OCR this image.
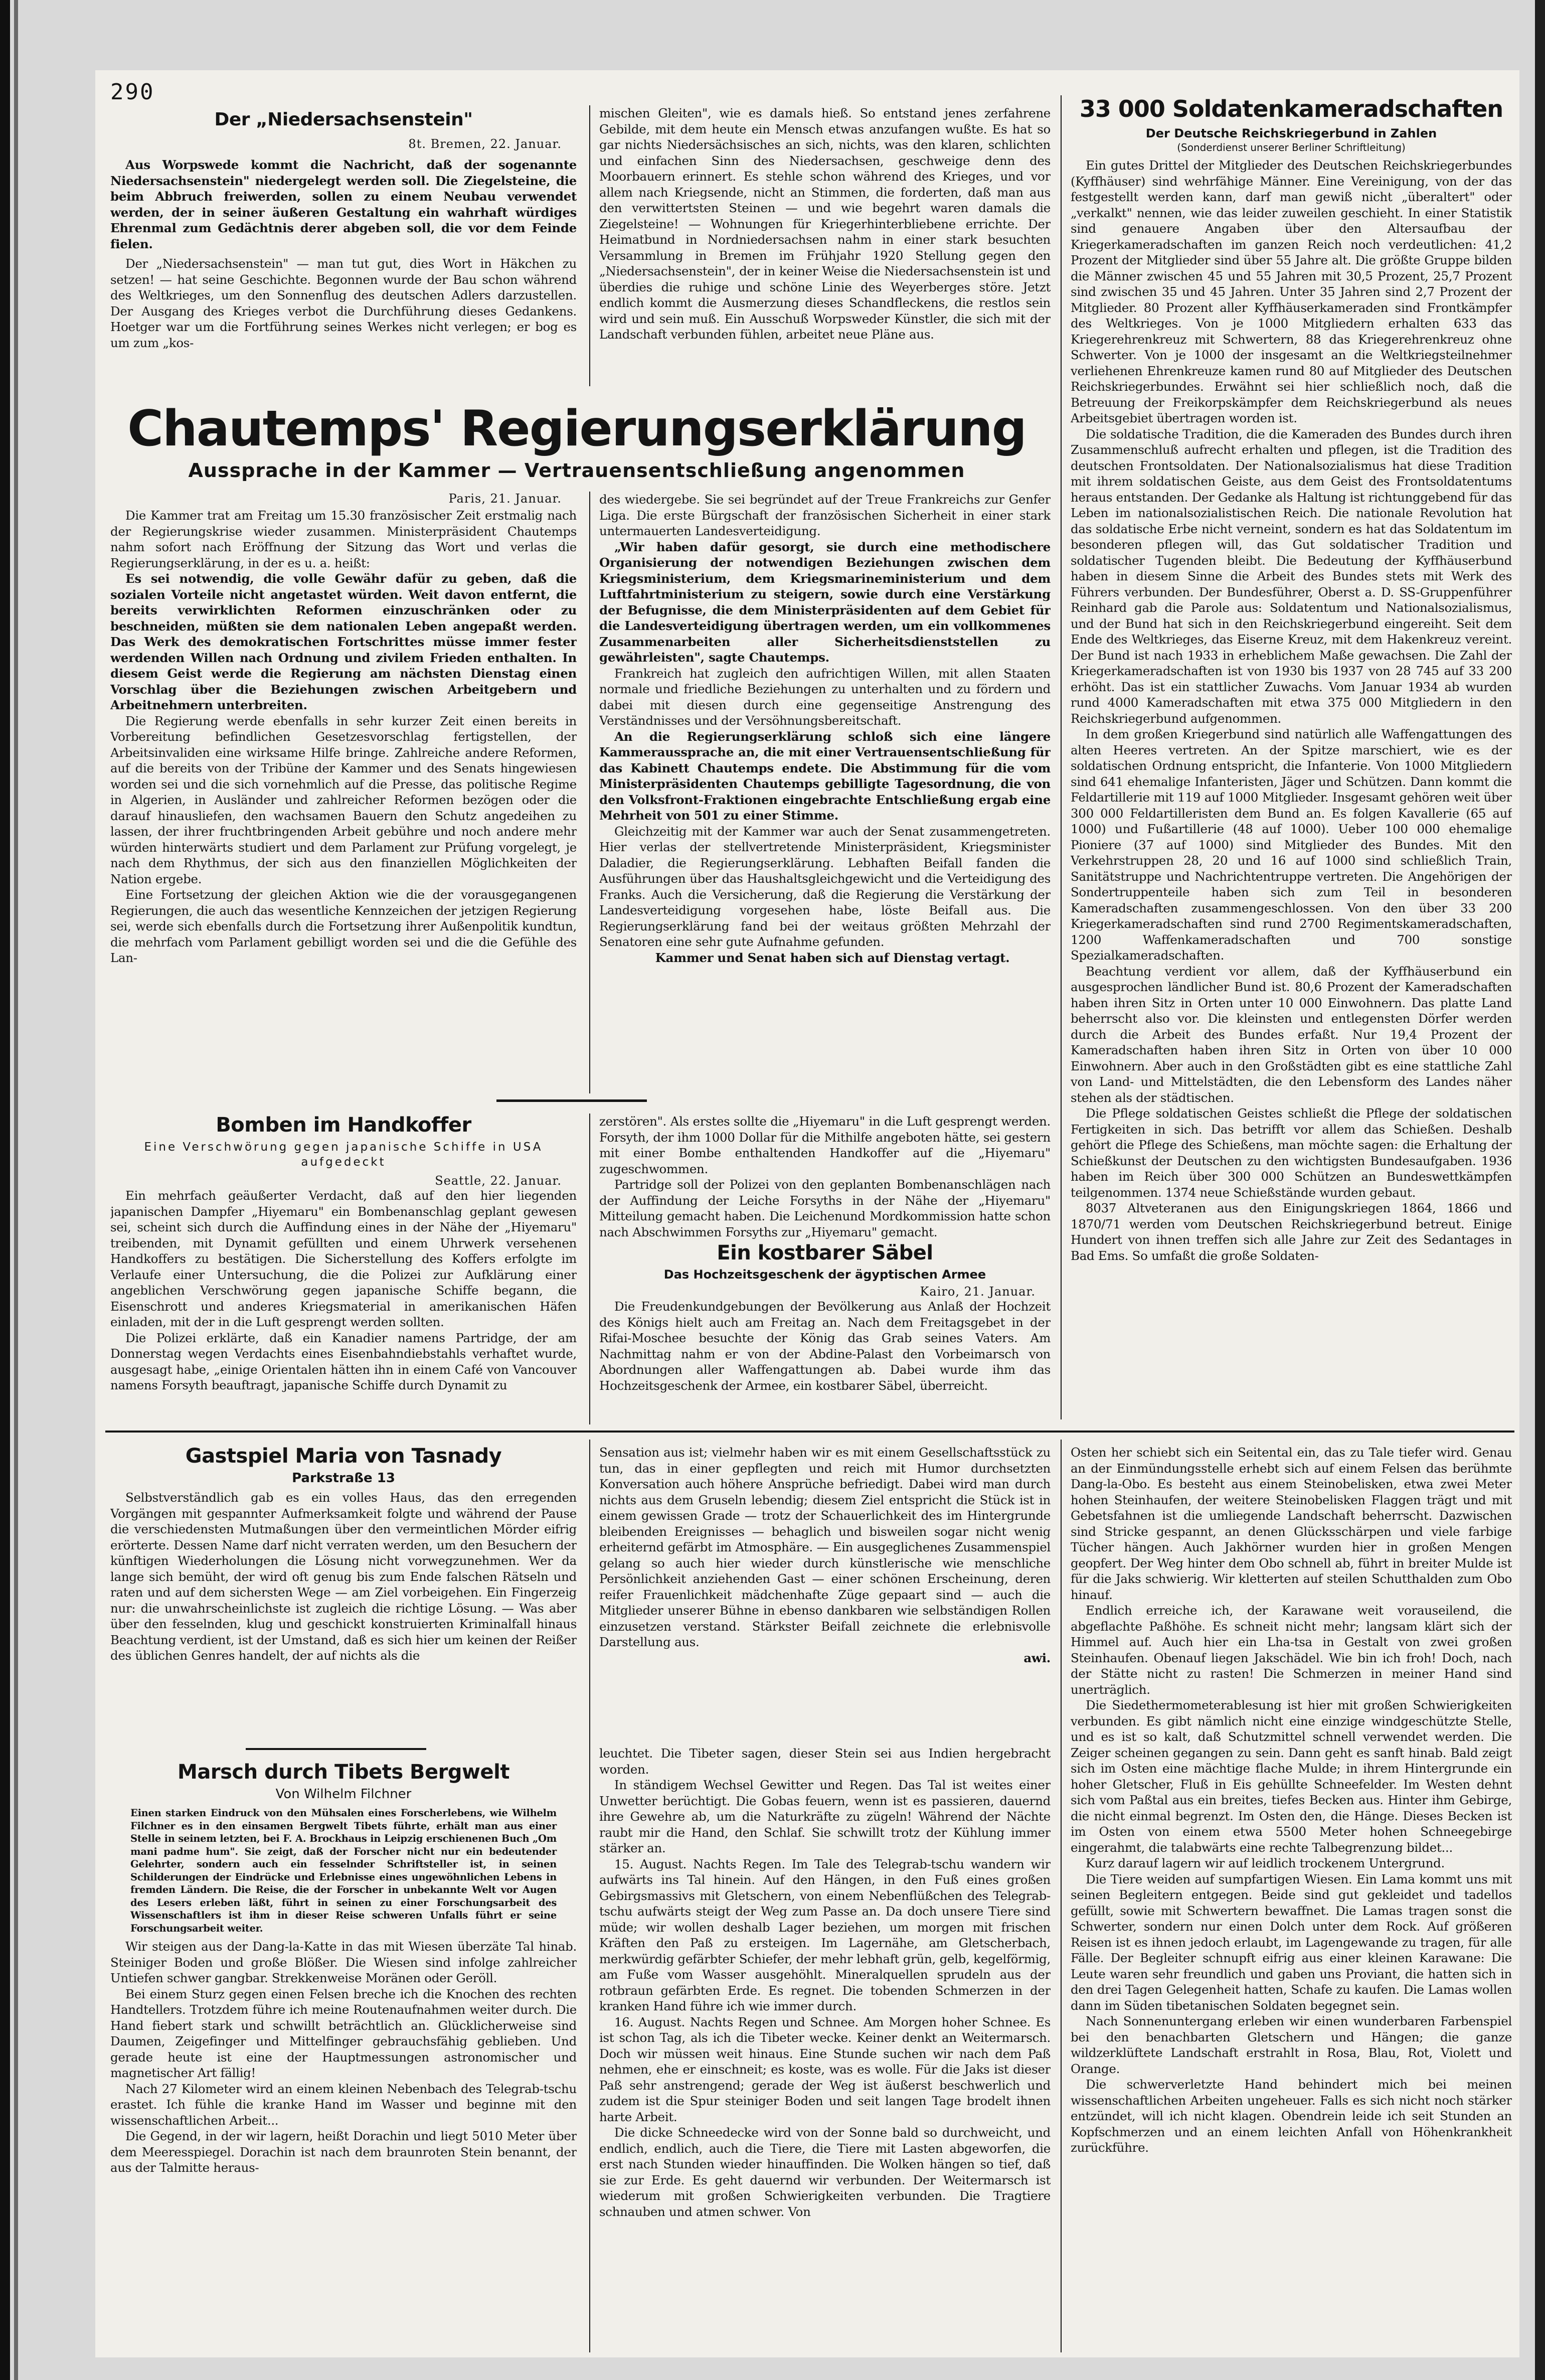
290
Der „Niedersachsenstein"

8t. Bremen, 22. Januar.

Aus Worpswede kommt die Nachricht, daß der sogenannte Niedersachsenstein" niedergelegt werden soll. Die Ziegelsteine, die beim Abbruch freiwerden, sollen zu einem Neubau verwendet werden, der in seiner äußeren Gestaltung ein wahrhaft würdiges Ehrenmal zum Gedächtnis derer abgeben soll, die vor dem Feinde fielen.

Der „Niedersachsenstein" — man tut gut, dies Wort in Häkchen zu setzen! — hat seine Geschichte. Begonnen wurde der Bau schon während des Weltkrieges, um den Sonnenflug des deutschen Adlers darzustellen. Der Ausgang des Krieges verbot die Durchführung dieses Gedankens. Hoetger war um die Fortführung seines Werkes nicht verlegen; er bog es um zum „kos-

mischen Gleiten", wie es damals hieß. So entstand jenes zerfahrene Gebilde, mit dem heute ein Mensch etwas anzufangen wußte. Es hat so gar nichts Niedersächsisches an sich, nichts, was den klaren, schlichten und einfachen Sinn des Niedersachsen, geschweige denn des Moorbauern erinnert. Es stehle schon während des Krieges, und vor allem nach Kriegsende, nicht an Stimmen, die forderten, daß man aus den verwittertsten Steinen — und wie begehrt waren damals die Ziegelsteine! — Wohnungen für Kriegerhinterbliebene errichte. Der Heimatbund in Nordniedersachsen nahm in einer stark besuchten Versammlung in Bremen im Frühjahr 1920 Stellung gegen den „Niedersachsenstein", der in keiner Weise die Niedersachsenstein ist und überdies die ruhige und schöne Linie des Weyerberges störe. Jetzt endlich kommt die Ausmerzung dieses Schandfleckens, die restlos sein wird und sein muß. Ein Ausschuß Worpsweder Künstler, die sich mit der Landschaft verbunden fühlen, arbeitet neue Pläne aus.

Chautemps' Regierungserklärung

Aussprache in der Kammer — Vertrauensentschließung angenommen

Paris, 21. Januar.

Die Kammer trat am Freitag um 15.30 französischer Zeit erstmalig nach der Regierungskrise wieder zusammen. Ministerpräsident Chautemps nahm sofort nach Eröffnung der Sitzung das Wort und verlas die Regierungserklärung, in der es u. a. heißt:

Es sei notwendig, die volle Gewähr dafür zu geben, daß die sozialen Vorteile nicht angetastet würden. Weit davon entfernt, die bereits verwirklichten Reformen einzuschränken oder zu beschneiden, müßten sie dem nationalen Leben angepaßt werden. Das Werk des demokratischen Fortschrittes müsse immer fester werdenden Willen nach Ordnung und zivilem Frieden enthalten. In diesem Geist werde die Regierung am nächsten Dienstag einen Vorschlag über die Beziehungen zwischen Arbeitgebern und Arbeitnehmern unterbreiten.

Die Regierung werde ebenfalls in sehr kurzer Zeit einen bereits in Vorbereitung befindlichen Gesetzesvorschlag fertigstellen, der Arbeitsinvaliden eine wirksame Hilfe bringe. Zahlreiche andere Reformen, auf die bereits von der Tribüne der Kammer und des Senats hingewiesen worden sei und die sich vornehmlich auf die Presse, das politische Regime in Algerien, in Ausländer und zahlreicher Reformen bezögen oder die darauf hinausliefen, den wachsamen Bauern den Schutz angedeihen zu lassen, der ihrer fruchtbringenden Arbeit gebühre und noch andere mehr würden hinterwärts studiert und dem Parlament zur Prüfung vorgelegt, je nach dem Rhythmus, der sich aus den finanziellen Möglichkeiten der Nation ergebe.

Eine Fortsetzung der gleichen Aktion wie die der vorausgegangenen Regierungen, die auch das wesentliche Kennzeichen der jetzigen Regierung sei, werde sich ebenfalls durch die Fortsetzung ihrer Außenpolitik kundtun, die mehrfach vom Parlament gebilligt worden sei und die die Gefühle des Lan-

des wiedergebe. Sie sei begründet auf der Treue Frankreichs zur Genfer Liga. Die erste Bürgschaft der französischen Sicherheit in einer stark untermauerten Landesverteidigung.

„Wir haben dafür gesorgt, sie durch eine methodischere Organisierung der notwendigen Beziehungen zwischen dem Kriegsministerium, dem Kriegsmarineministerium und dem Luftfahrtministerium zu steigern, sowie durch eine Verstärkung der Befugnisse, die dem Ministerpräsidenten auf dem Gebiet für die Landesverteidigung übertragen werden, um ein vollkommenes Zusammenarbeiten aller Sicherheitsdienststellen zu gewährleisten", sagte Chautemps.

Frankreich hat zugleich den aufrichtigen Willen, mit allen Staaten normale und friedliche Beziehungen zu unterhalten und zu fördern und dabei mit diesen durch eine gegenseitige Anstrengung des Verständnisses und der Versöhnungsbereitschaft.

An die Regierungserklärung schloß sich eine längere Kammeraussprache an, die mit einer Vertrauensentschließung für das Kabinett Chautemps endete. Die Abstimmung für die vom Ministerpräsidenten Chautemps gebilligte Tagesordnung, die von den Volksfront-Fraktionen eingebrachte Entschließung ergab eine Mehrheit von 501 zu einer Stimme.

Gleichzeitig mit der Kammer war auch der Senat zusammengetreten. Hier verlas der stellvertretende Ministerpräsident, Kriegsminister Daladier, die Regierungserklärung. Lebhaften Beifall fanden die Ausführungen über das Haushaltsgleichgewicht und die Verteidigung des Franks. Auch die Versicherung, daß die Regierung die Verstärkung der Landesverteidigung vorgesehen habe, löste Beifall aus. Die Regierungserklärung fand bei der weitaus größten Mehrzahl der Senatoren eine sehr gute Aufnahme gefunden.

Kammer und Senat haben sich auf Dienstag vertagt.

Bomben im Handkoffer

Eine Verschwörung gegen japanische Schiffe in USA aufgedeckt

Seattle, 22. Januar.

Ein mehrfach geäußerter Verdacht, daß auf den hier liegenden japanischen Dampfer „Hiyemaru" ein Bombenanschlag geplant gewesen sei, scheint sich durch die Auffindung eines in der Nähe der „Hiyemaru" treibenden, mit Dynamit gefüllten und einem Uhrwerk versehenen Handkoffers zu bestätigen. Die Sicherstellung des Koffers erfolgte im Verlaufe einer Untersuchung, die die Polizei zur Aufklärung einer angeblichen Verschwörung gegen japanische Schiffe begann, die Eisenschrott und anderes Kriegsmaterial in amerikanischen Häfen einladen, mit der in die Luft gesprengt werden sollten.

Die Polizei erklärte, daß ein Kanadier namens Partridge, der am Donnerstag wegen Verdachts eines Eisenbahndiebstahls verhaftet wurde, ausgesagt habe, „einige Orientalen hätten ihn in einem Café von Vancouver namens Forsyth beauftragt, japanische Schiffe durch Dynamit zu

zerstören". Als erstes sollte die „Hiyemaru" in die Luft gesprengt werden. Forsyth, der ihm 1000 Dollar für die Mithilfe angeboten hätte, sei gestern mit einer Bombe enthaltenden Handkoffer auf die „Hiyemaru" zugeschwommen.

Partridge soll der Polizei von den geplanten Bombenanschlägen nach der Auffindung der Leiche Forsyths in der Nähe der „Hiyemaru" Mitteilung gemacht haben. Die Leichenund Mordkommission hatte schon nach Abschwimmen Forsyths zur „Hiyemaru" gemacht.

Ein kostbarer Säbel

Das Hochzeitsgeschenk der ägyptischen Armee

Kairo, 21. Januar.

Die Freudenkundgebungen der Bevölkerung aus Anlaß der Hochzeit des Königs hielt auch am Freitag an. Nach dem Freitagsgebet in der Rifai-Moschee besuchte der König das Grab seines Vaters. Am Nachmittag nahm er von der Abdine-Palast den Vorbeimarsch von Abordnungen aller Waffengattungen ab. Dabei wurde ihm das Hochzeitsgeschenk der Armee, ein kostbarer Säbel, überreicht.

33 000 Soldatenkameradschaften

Der Deutsche Reichskriegerbund in Zahlen

(Sonderdienst unserer Berliner Schriftleitung)

Ein gutes Drittel der Mitglieder des Deutschen Reichskriegerbundes (Kyffhäuser) sind wehrfähige Männer. Eine Vereinigung, von der das festgestellt werden kann, darf man gewiß nicht „überaltert" oder „verkalkt" nennen, wie das leider zuweilen geschieht. In einer Statistik sind genauere Angaben über den Altersaufbau der Kriegerkameradschaften im ganzen Reich noch verdeutlichen: 41,2 Prozent der Mitglieder sind über 55 Jahre alt. Die größte Gruppe bilden die Männer zwischen 45 und 55 Jahren mit 30,5 Prozent, 25,7 Prozent sind zwischen 35 und 45 Jahren. Unter 35 Jahren sind 2,7 Prozent der Mitglieder. 80 Prozent aller Kyffhäuserkameraden sind Frontkämpfer des Weltkrieges. Von je 1000 Mitgliedern erhalten 633 das Kriegerehrenkreuz mit Schwertern, 88 das Kriegerehrenkreuz ohne Schwerter. Von je 1000 der insgesamt an die Weltkriegsteilnehmer verliehenen Ehrenkreuze kamen rund 80 auf Mitglieder des Deutschen Reichskriegerbundes. Erwähnt sei hier schließlich noch, daß die Betreuung der Freikorpskämpfer dem Reichskriegerbund als neues Arbeitsgebiet übertragen worden ist.

Die soldatische Tradition, die die Kameraden des Bundes durch ihren Zusammenschluß aufrecht erhalten und pflegen, ist die Tradition des deutschen Frontsoldaten. Der Nationalsozialismus hat diese Tradition mit ihrem soldatischen Geiste, aus dem Geist des Frontsoldatentums heraus entstanden. Der Gedanke als Haltung ist richtunggebend für das Leben im nationalsozialistischen Reich. Die nationale Revolution hat das soldatische Erbe nicht verneint, sondern es hat das Soldatentum im besonderen pflegen will, das Gut soldatischer Tradition und soldatischer Tugenden bleibt. Die Bedeutung der Kyffhäuserbund haben in diesem Sinne die Arbeit des Bundes stets mit Werk des Führers verbunden. Der Bundesführer, Oberst a. D. SS-Gruppenführer Reinhard gab die Parole aus: Soldatentum und Nationalsozialismus, und der Bund hat sich in den Reichskriegerbund eingereiht. Seit dem Ende des Weltkrieges, das Eiserne Kreuz, mit dem Hakenkreuz vereint. Der Bund ist nach 1933 in erheblichem Maße gewachsen. Die Zahl der Kriegerkameradschaften ist von 1930 bis 1937 von 28 745 auf 33 200 erhöht. Das ist ein stattlicher Zuwachs. Vom Januar 1934 ab wurden rund 4000 Kameradschaften mit etwa 375 000 Mitgliedern in den Reichskriegerbund aufgenommen.

In dem großen Kriegerbund sind natürlich alle Waffengattungen des alten Heeres vertreten. An der Spitze marschiert, wie es der soldatischen Ordnung entspricht, die Infanterie. Von 1000 Mitgliedern sind 641 ehemalige Infanteristen, Jäger und Schützen. Dann kommt die Feldartillerie mit 119 auf 1000 Mitglieder. Insgesamt gehören weit über 300 000 Feldartilleristen dem Bund an. Es folgen Kavallerie (65 auf 1000) und Fußartillerie (48 auf 1000). Ueber 100 000 ehemalige Pioniere (37 auf 1000) sind Mitglieder des Bundes. Mit den Verkehrstruppen 28, 20 und 16 auf 1000 sind schließlich Train, Sanitätstruppe und Nachrichtentruppe vertreten. Die Angehörigen der Sondertruppenteile haben sich zum Teil in besonderen Kameradschaften zusammengeschlossen. Von den über 33 200 Kriegerkameradschaften sind rund 2700 Regimentskameradschaften, 1200 Waffenkameradschaften und 700 sonstige Spezialkameradschaften.

Beachtung verdient vor allem, daß der Kyffhäuserbund ein ausgesprochen ländlicher Bund ist. 80,6 Prozent der Kameradschaften haben ihren Sitz in Orten unter 10 000 Einwohnern. Das platte Land beherrscht also vor. Die kleinsten und entlegensten Dörfer werden durch die Arbeit des Bundes erfaßt. Nur 19,4 Prozent der Kameradschaften haben ihren Sitz in Orten von über 10 000 Einwohnern. Aber auch in den Großstädten gibt es eine stattliche Zahl von Land- und Mittelstädten, die den Lebensform des Landes näher stehen als der städtischen.

Die Pflege soldatischen Geistes schließt die Pflege der soldatischen Fertigkeiten in sich. Das betrifft vor allem das Schießen. Deshalb gehört die Pflege des Schießens, man möchte sagen: die Erhaltung der Schießkunst der Deutschen zu den wichtigsten Bundesaufgaben. 1936 haben im Reich über 300 000 Schützen an Bundeswettkämpfen teilgenommen. 1374 neue Schießstände wurden gebaut.

8037 Altveteranen aus den Einigungskriegen 1864, 1866 und 1870/71 werden vom Deutschen Reichskriegerbund betreut. Einige Hundert von ihnen treffen sich alle Jahre zur Zeit des Sedantages in Bad Ems. So umfaßt die große Soldaten-

Gastspiel Maria von Tasnady

Parkstraße 13

Selbstverständlich gab es ein volles Haus, das den erregenden Vorgängen mit gespannter Aufmerksamkeit folgte und während der Pause die verschiedensten Mutmaßungen über den vermeintlichen Mörder eifrig erörterte. Dessen Name darf nicht verraten werden, um den Besuchern der künftigen Wiederholungen die Lösung nicht vorwegzunehmen. Wer da lange sich bemüht, der wird oft genug bis zum Ende falschen Rätseln und raten und auf dem sichersten Wege — am Ziel vorbeigehen. Ein Fingerzeig nur: die unwahrscheinlichste ist zugleich die richtige Lösung. — Was aber über den fesselnden, klug und geschickt konstruierten Kriminalfall hinaus Beachtung verdient, ist der Umstand, daß es sich hier um keinen der Reißer des üblichen Genres handelt, der auf nichts als die

Sensation aus ist; vielmehr haben wir es mit einem Gesellschaftsstück zu tun, das in einer gepflegten und reich mit Humor durchsetzten Konversation auch höhere Ansprüche befriedigt. Dabei wird man durch nichts aus dem Gruseln lebendig; diesem Ziel entspricht die Stück ist in einem gewissen Grade — trotz der Schauerlichkeit des im Hintergrunde bleibenden Ereignisses — behaglich und bisweilen sogar nicht wenig erheiternd gefärbt im Atmosphäre. — Ein ausgeglichenes Zusammenspiel gelang so auch hier wieder durch künstlerische wie menschliche Persönlichkeit anziehenden Gast — einer schönen Erscheinung, deren reifer Frauenlichkeit mädchenhafte Züge gepaart sind — auch die Mitglieder unserer Bühne in ebenso dankbaren wie selbständigen Rollen einzusetzen verstand. Stärkster Beifall zeichnete die erlebnisvolle Darstellung aus.

awi.

Marsch durch Tibets Bergwelt

Von Wilhelm Filchner

Einen starken Eindruck von den Mühsalen eines Forscherlebens, wie Wilhelm Filchner es in den einsamen Bergwelt Tibets führte, erhält man aus einer Stelle in seinem letzten, bei F. A. Brockhaus in Leipzig erschienenen Buch „Om mani padme hum". Sie zeigt, daß der Forscher nicht nur ein bedeutender Gelehrter, sondern auch ein fesselnder Schriftsteller ist, in seinen Schilderungen der Eindrücke und Erlebnisse eines ungewöhnlichen Lebens in fremden Ländern. Die Reise, die der Forscher in unbekannte Welt vor Augen des Lesers erleben läßt, führt in seinen zu einer Forschungsarbeit des Wissenschaftlers ist ihm in dieser Reise schweren Unfalls führt er seine Forschungsarbeit weiter.

Wir steigen aus der Dang-la-Katte in das mit Wiesen überzäte Tal hinab. Steiniger Boden und große Blößer. Die Wiesen sind infolge zahlreicher Untiefen schwer gangbar. Strekkenweise Moränen oder Geröll.

Bei einem Sturz gegen einen Felsen breche ich die Knochen des rechten Handtellers. Trotzdem führe ich meine Routenaufnahmen weiter durch. Die Hand fiebert stark und schwillt beträchtlich an. Glücklicherweise sind Daumen, Zeigefinger und Mittelfinger gebrauchsfähig geblieben. Und gerade heute ist eine der Hauptmessungen astronomischer und magnetischer Art fällig!

Nach 27 Kilometer wird an einem kleinen Nebenbach des Telegrab-tschu erastet. Ich fühle die kranke Hand im Wasser und beginne mit den wissenschaftlichen Arbeit...

Die Gegend, in der wir lagern, heißt Dorachin und liegt 5010 Meter über dem Meeresspiegel. Dorachin ist nach dem braunroten Stein benannt, der aus der Talmitte heraus-

leuchtet. Die Tibeter sagen, dieser Stein sei aus Indien hergebracht worden.

In ständigem Wechsel Gewitter und Regen. Das Tal ist weites einer Unwetter berüchtigt. Die Gobas feuern, wenn ist es passieren, dauernd ihre Gewehre ab, um die Naturkräfte zu zügeln! Während der Nächte raubt mir die Hand, den Schlaf. Sie schwillt trotz der Kühlung immer stärker an.

15. August. Nachts Regen. Im Tale des Telegrab-tschu wandern wir aufwärts ins Tal hinein. Auf den Hängen, in den Fuß eines großen Gebirgsmassivs mit Gletschern, von einem Nebenflüßchen des Telegrab-tschu aufwärts steigt der Weg zum Passe an. Da doch unsere Tiere sind müde; wir wollen deshalb Lager beziehen, um morgen mit frischen Kräften den Paß zu ersteigen. Im Lagernähe, am Gletscherbach, merkwürdig gefärbter Schiefer, der mehr lebhaft grün, gelb, kegelförmig, am Fuße vom Wasser ausgehöhlt. Mineralquellen sprudeln aus der rotbraun gefärbten Erde. Es regnet. Die tobenden Schmerzen in der kranken Hand führe ich wie immer durch.

16. August. Nachts Regen und Schnee. Am Morgen hoher Schnee. Es ist schon Tag, als ich die Tibeter wecke. Keiner denkt an Weitermarsch. Doch wir müssen weit hinaus. Eine Stunde suchen wir nach dem Paß nehmen, ehe er einschneit; es koste, was es wolle. Für die Jaks ist dieser Paß sehr anstrengend; gerade der Weg ist äußerst beschwerlich und zudem ist die Spur steiniger Boden und seit langen Tage brodelt ihnen harte Arbeit.

Die dicke Schneedecke wird von der Sonne bald so durchweicht, und endlich, endlich, auch die Tiere, die Tiere mit Lasten abgeworfen, die erst nach Stunden wieder hinauffinden. Die Wolken hängen so tief, daß sie zur Erde. Es geht dauernd wir verbunden. Der Weitermarsch ist wiederum mit großen Schwierigkeiten verbunden. Die Tragtiere schnauben und atmen schwer. Von

Osten her schiebt sich ein Seitental ein, das zu Tale tiefer wird. Genau an der Einmündungsstelle erhebt sich auf einem Felsen das berühmte Dang-la-Obo. Es besteht aus einem Steinobelisken, etwa zwei Meter hohen Steinhaufen, der weitere Steinobelisken Flaggen trägt und mit Gebetsfahnen ist die umliegende Landschaft beherrscht. Dazwischen sind Stricke gespannt, an denen Glücksschärpen und viele farbige Tücher hängen. Auch Jakhörner wurden hier in großen Mengen geopfert. Der Weg hinter dem Obo schnell ab, führt in breiter Mulde ist für die Jaks schwierig. Wir kletterten auf steilen Schutthalden zum Obo hinauf.

Endlich erreiche ich, der Karawane weit vorauseilend, die abgeflachte Paßhöhe. Es schneit nicht mehr; langsam klärt sich der Himmel auf. Auch hier ein Lha-tsa in Gestalt von zwei großen Steinhaufen. Obenauf liegen Jakschädel. Wie bin ich froh! Doch, nach der Stätte nicht zu rasten! Die Schmerzen in meiner Hand sind unerträglich.

Die Siedethermometerablesung ist hier mit großen Schwierigkeiten verbunden. Es gibt nämlich nicht eine einzige windgeschützte Stelle, und es ist so kalt, daß Schutzmittel schnell verwendet werden. Die Zeiger scheinen gegangen zu sein. Dann geht es sanft hinab. Bald zeigt sich im Osten eine mächtige flache Mulde; in ihrem Hintergrunde ein hoher Gletscher, Fluß in Eis gehüllte Schneefelder. Im Westen dehnt sich vom Paßtal aus ein breites, tiefes Becken aus. Hinter ihm Gebirge, die nicht einmal begrenzt. Im Osten den, die Hänge. Dieses Becken ist im Osten von einem etwa 5500 Meter hohen Schneegebirge eingerahmt, die talabwärts eine rechte Talbegrenzung bildet...

Kurz darauf lagern wir auf leidlich trockenem Untergrund.

Die Tiere weiden auf sumpfartigen Wiesen. Ein Lama kommt uns mit seinen Begleitern entgegen. Beide sind gut gekleidet und tadellos gefüllt, sowie mit Schwertern bewaffnet. Die Lamas tragen sonst die Schwerter, sondern nur einen Dolch unter dem Rock. Auf größeren Reisen ist es ihnen jedoch erlaubt, im Lagengewande zu tragen, für alle Fälle. Der Begleiter schnupft eifrig aus einer kleinen Karawane: Die Leute waren sehr freundlich und gaben uns Proviant, die hatten sich in den drei Tagen Gelegenheit hatten, Schafe zu kaufen. Die Lamas wollen dann im Süden tibetanischen Soldaten begegnet sein.

Nach Sonnenuntergang erleben wir einen wunderbaren Farbenspiel bei den benachbarten Gletschern und Hängen; die ganze wildzerklüftete Landschaft erstrahlt in Rosa, Blau, Rot, Violett und Orange.

Die schwerverletzte Hand behindert mich bei meinen wissenschaftlichen Arbeiten ungeheuer. Falls es sich nicht noch stärker entzündet, will ich nicht klagen. Obendrein leide ich seit Stunden an Kopfschmerzen und an einem leichten Anfall von Höhenkrankheit zurückführe.
